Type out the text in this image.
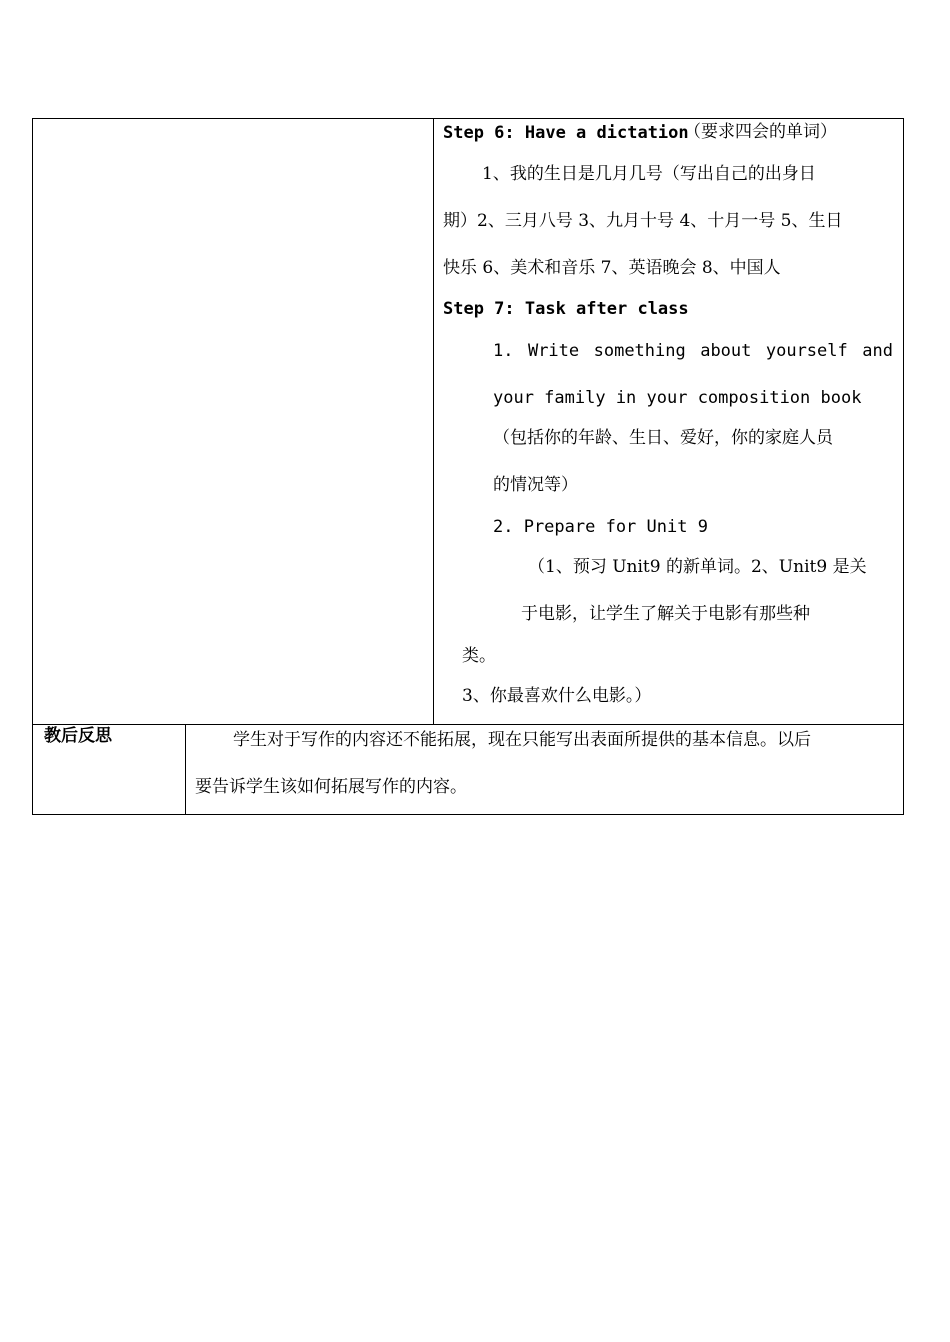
Step 6: Have a dictation
（要求四会的单词）
1、我的生日是几月几号（写出自己的出身日
期）2、三月八号 3、九月十号 4、十月一号 5、生日
快乐 6、美术和音乐 7、英语晚会 8、中国人
Step 7: Task after class
1. Write something about yourself and
your family in your composition book
（包括你的年龄、生日、爱好，你的家庭人员
的情况等）
2. Prepare for Unit 9
（1、预习 Unit9 的新单词。2、Unit9 是关
于电影，让学生了解关于电影有那些种
类。
3、你最喜欢什么电影。）
教后反思	学生对于写作的内容还不能拓展，现在只能写出表面所提供的基本信息。以后
要告诉学生该如何拓展写作的内容。
